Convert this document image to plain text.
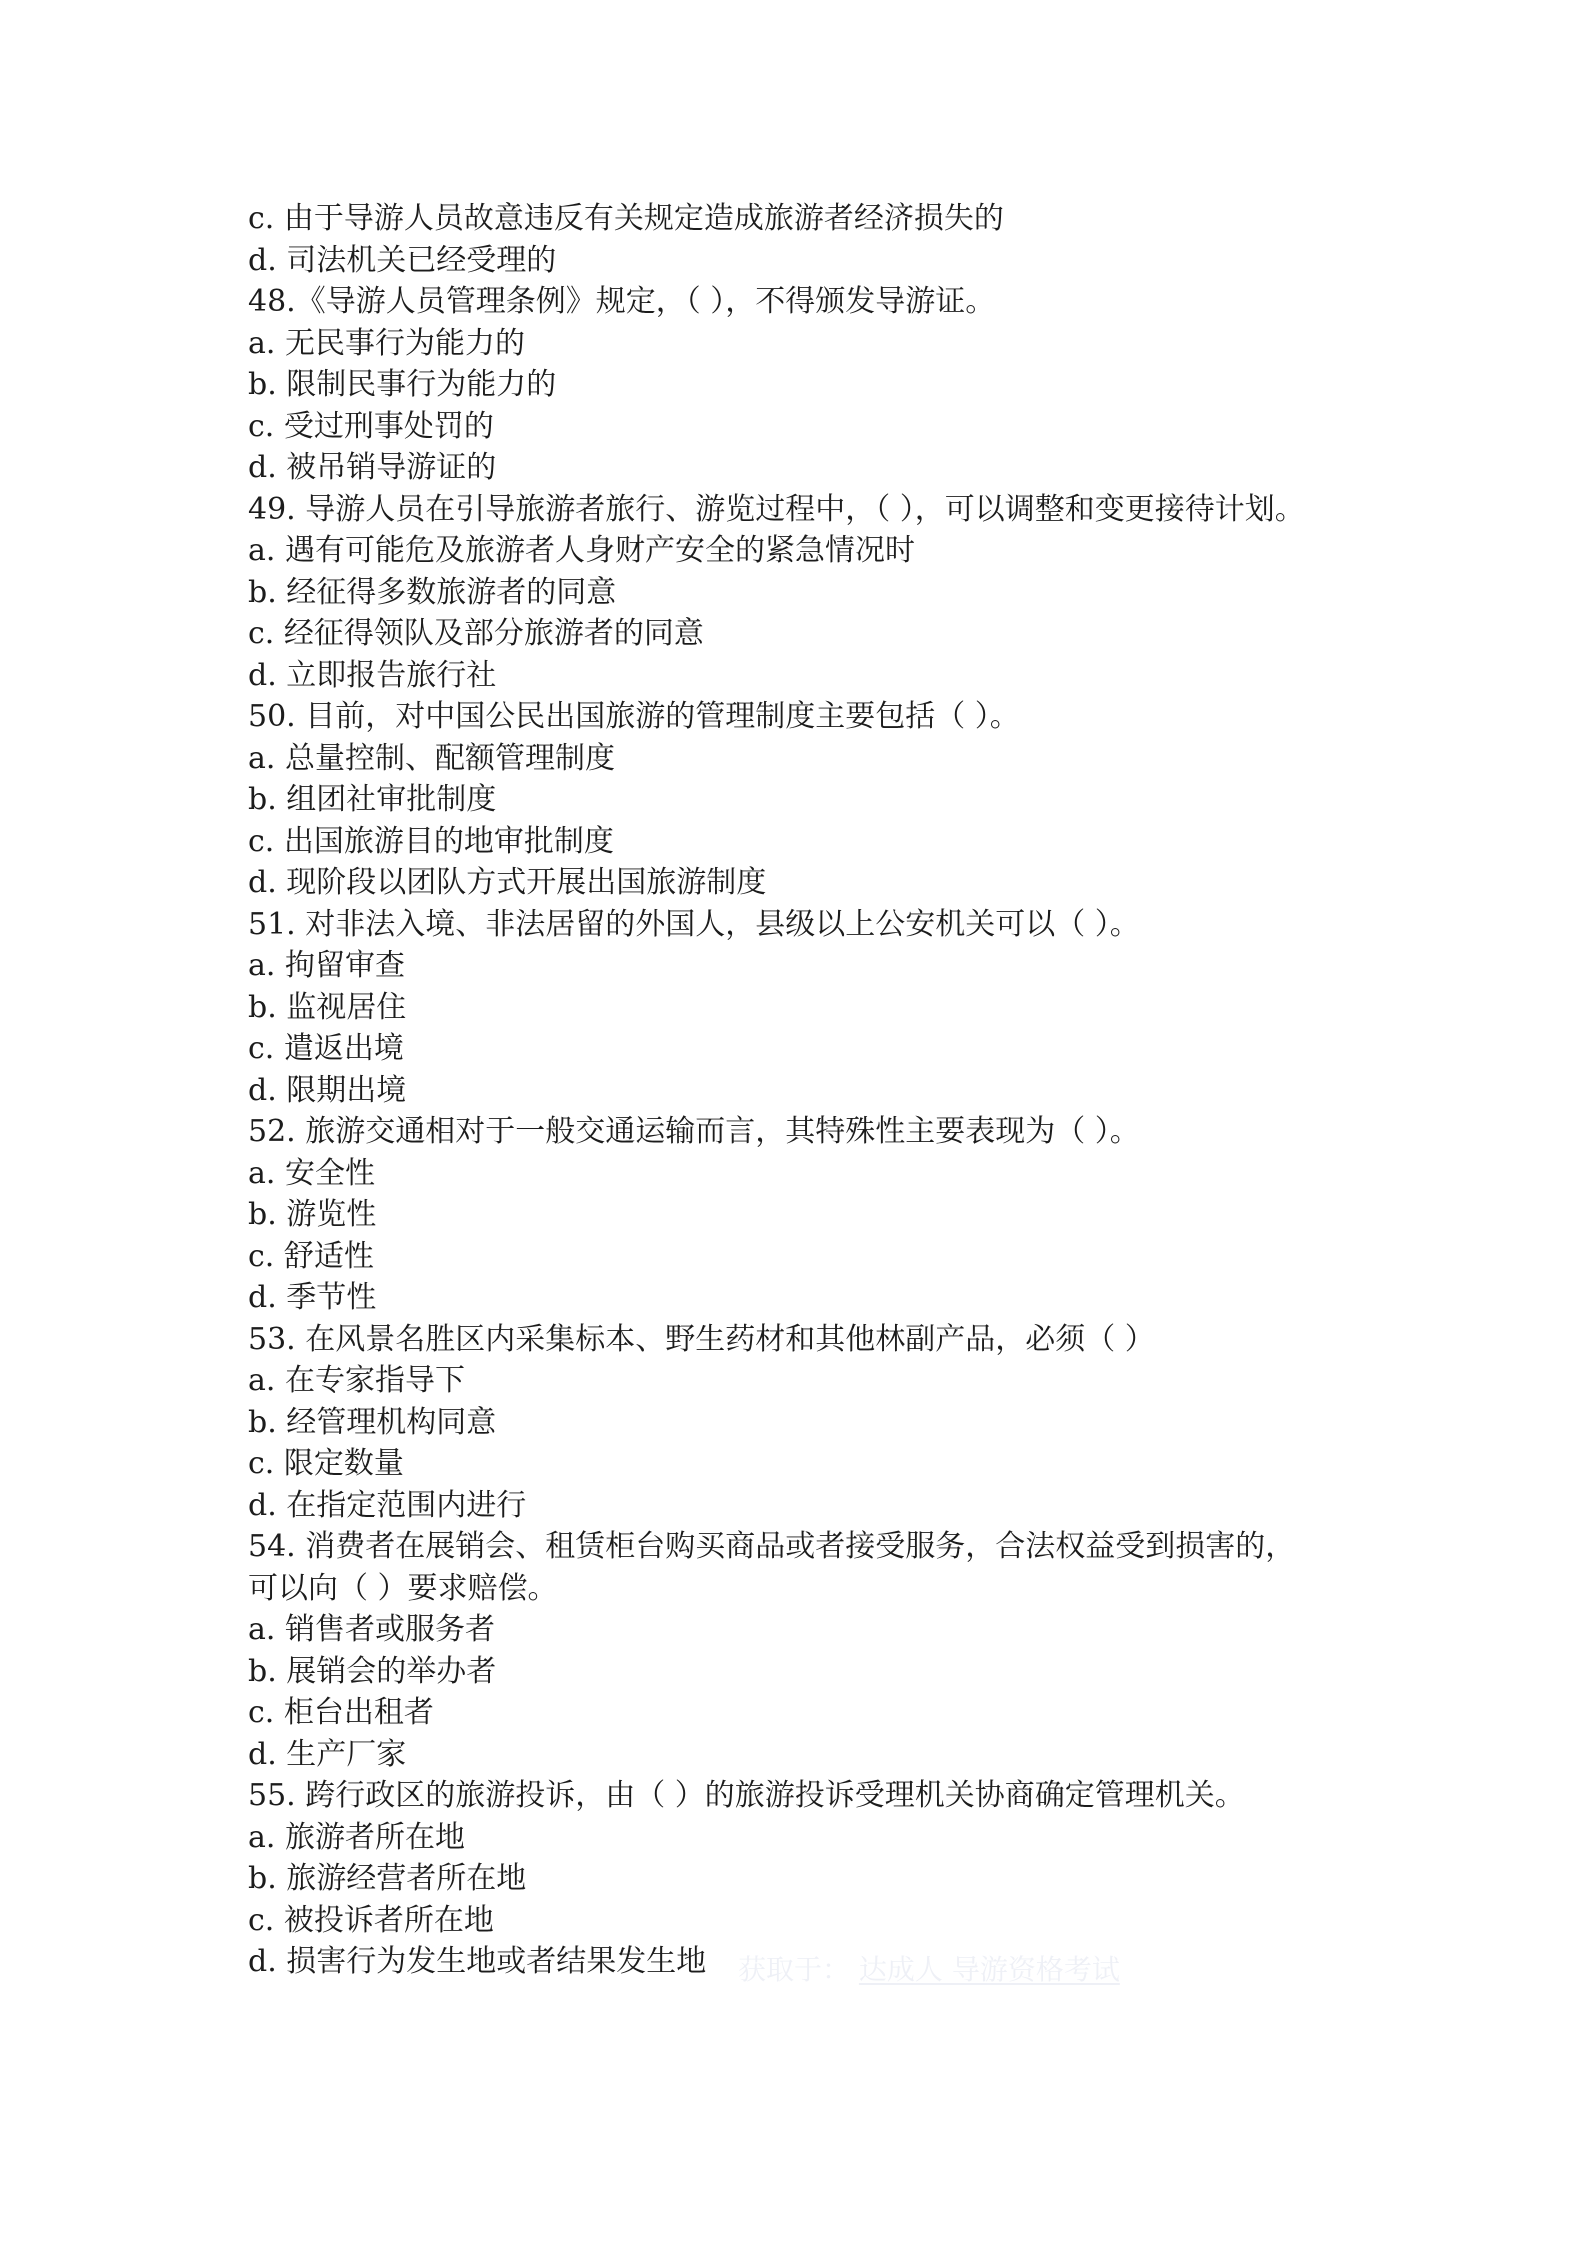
c. 由于导游人员故意违反有关规定造成旅游者经济损失的
d. 司法机关已经受理的
48.《导游人员管理条例》规定，（ ），不得颁发导游证。
a. 无民事行为能力的
b. 限制民事行为能力的
c. 受过刑事处罚的
d. 被吊销导游证的
49. 导游人员在引导旅游者旅行、游览过程中，（ ），可以调整和变更接待计划。
a. 遇有可能危及旅游者人身财产安全的紧急情况时
b. 经征得多数旅游者的同意
c. 经征得领队及部分旅游者的同意
d. 立即报告旅行社
50. 目前，对中国公民出国旅游的管理制度主要包括（ ）。
a. 总量控制、配额管理制度
b. 组团社审批制度
c. 出国旅游目的地审批制度
d. 现阶段以团队方式开展出国旅游制度
51. 对非法入境、非法居留的外国人，县级以上公安机关可以（ ）。
a. 拘留审查
b. 监视居住
c. 遣返出境
d. 限期出境
52. 旅游交通相对于一般交通运输而言，其特殊性主要表现为（ ）。
a. 安全性
b. 游览性
c. 舒适性
d. 季节性
53. 在风景名胜区内采集标本、野生药材和其他林副产品，必须（ ）
a. 在专家指导下
b. 经管理机构同意
c. 限定数量
d. 在指定范围内进行
54. 消费者在展销会、租赁柜台购买商品或者接受服务，合法权益受到损害的，
可以向（ ）要求赔偿。
a. 销售者或服务者
b. 展销会的举办者
c. 柜台出租者
d. 生产厂家
55. 跨行政区的旅游投诉，由（ ）的旅游投诉受理机关协商确定管理机关。
a. 旅游者所在地
b. 旅游经营者所在地
c. 被投诉者所在地
d. 损害行为发生地或者结果发生地	获取于： 达成人 导游资格考试
